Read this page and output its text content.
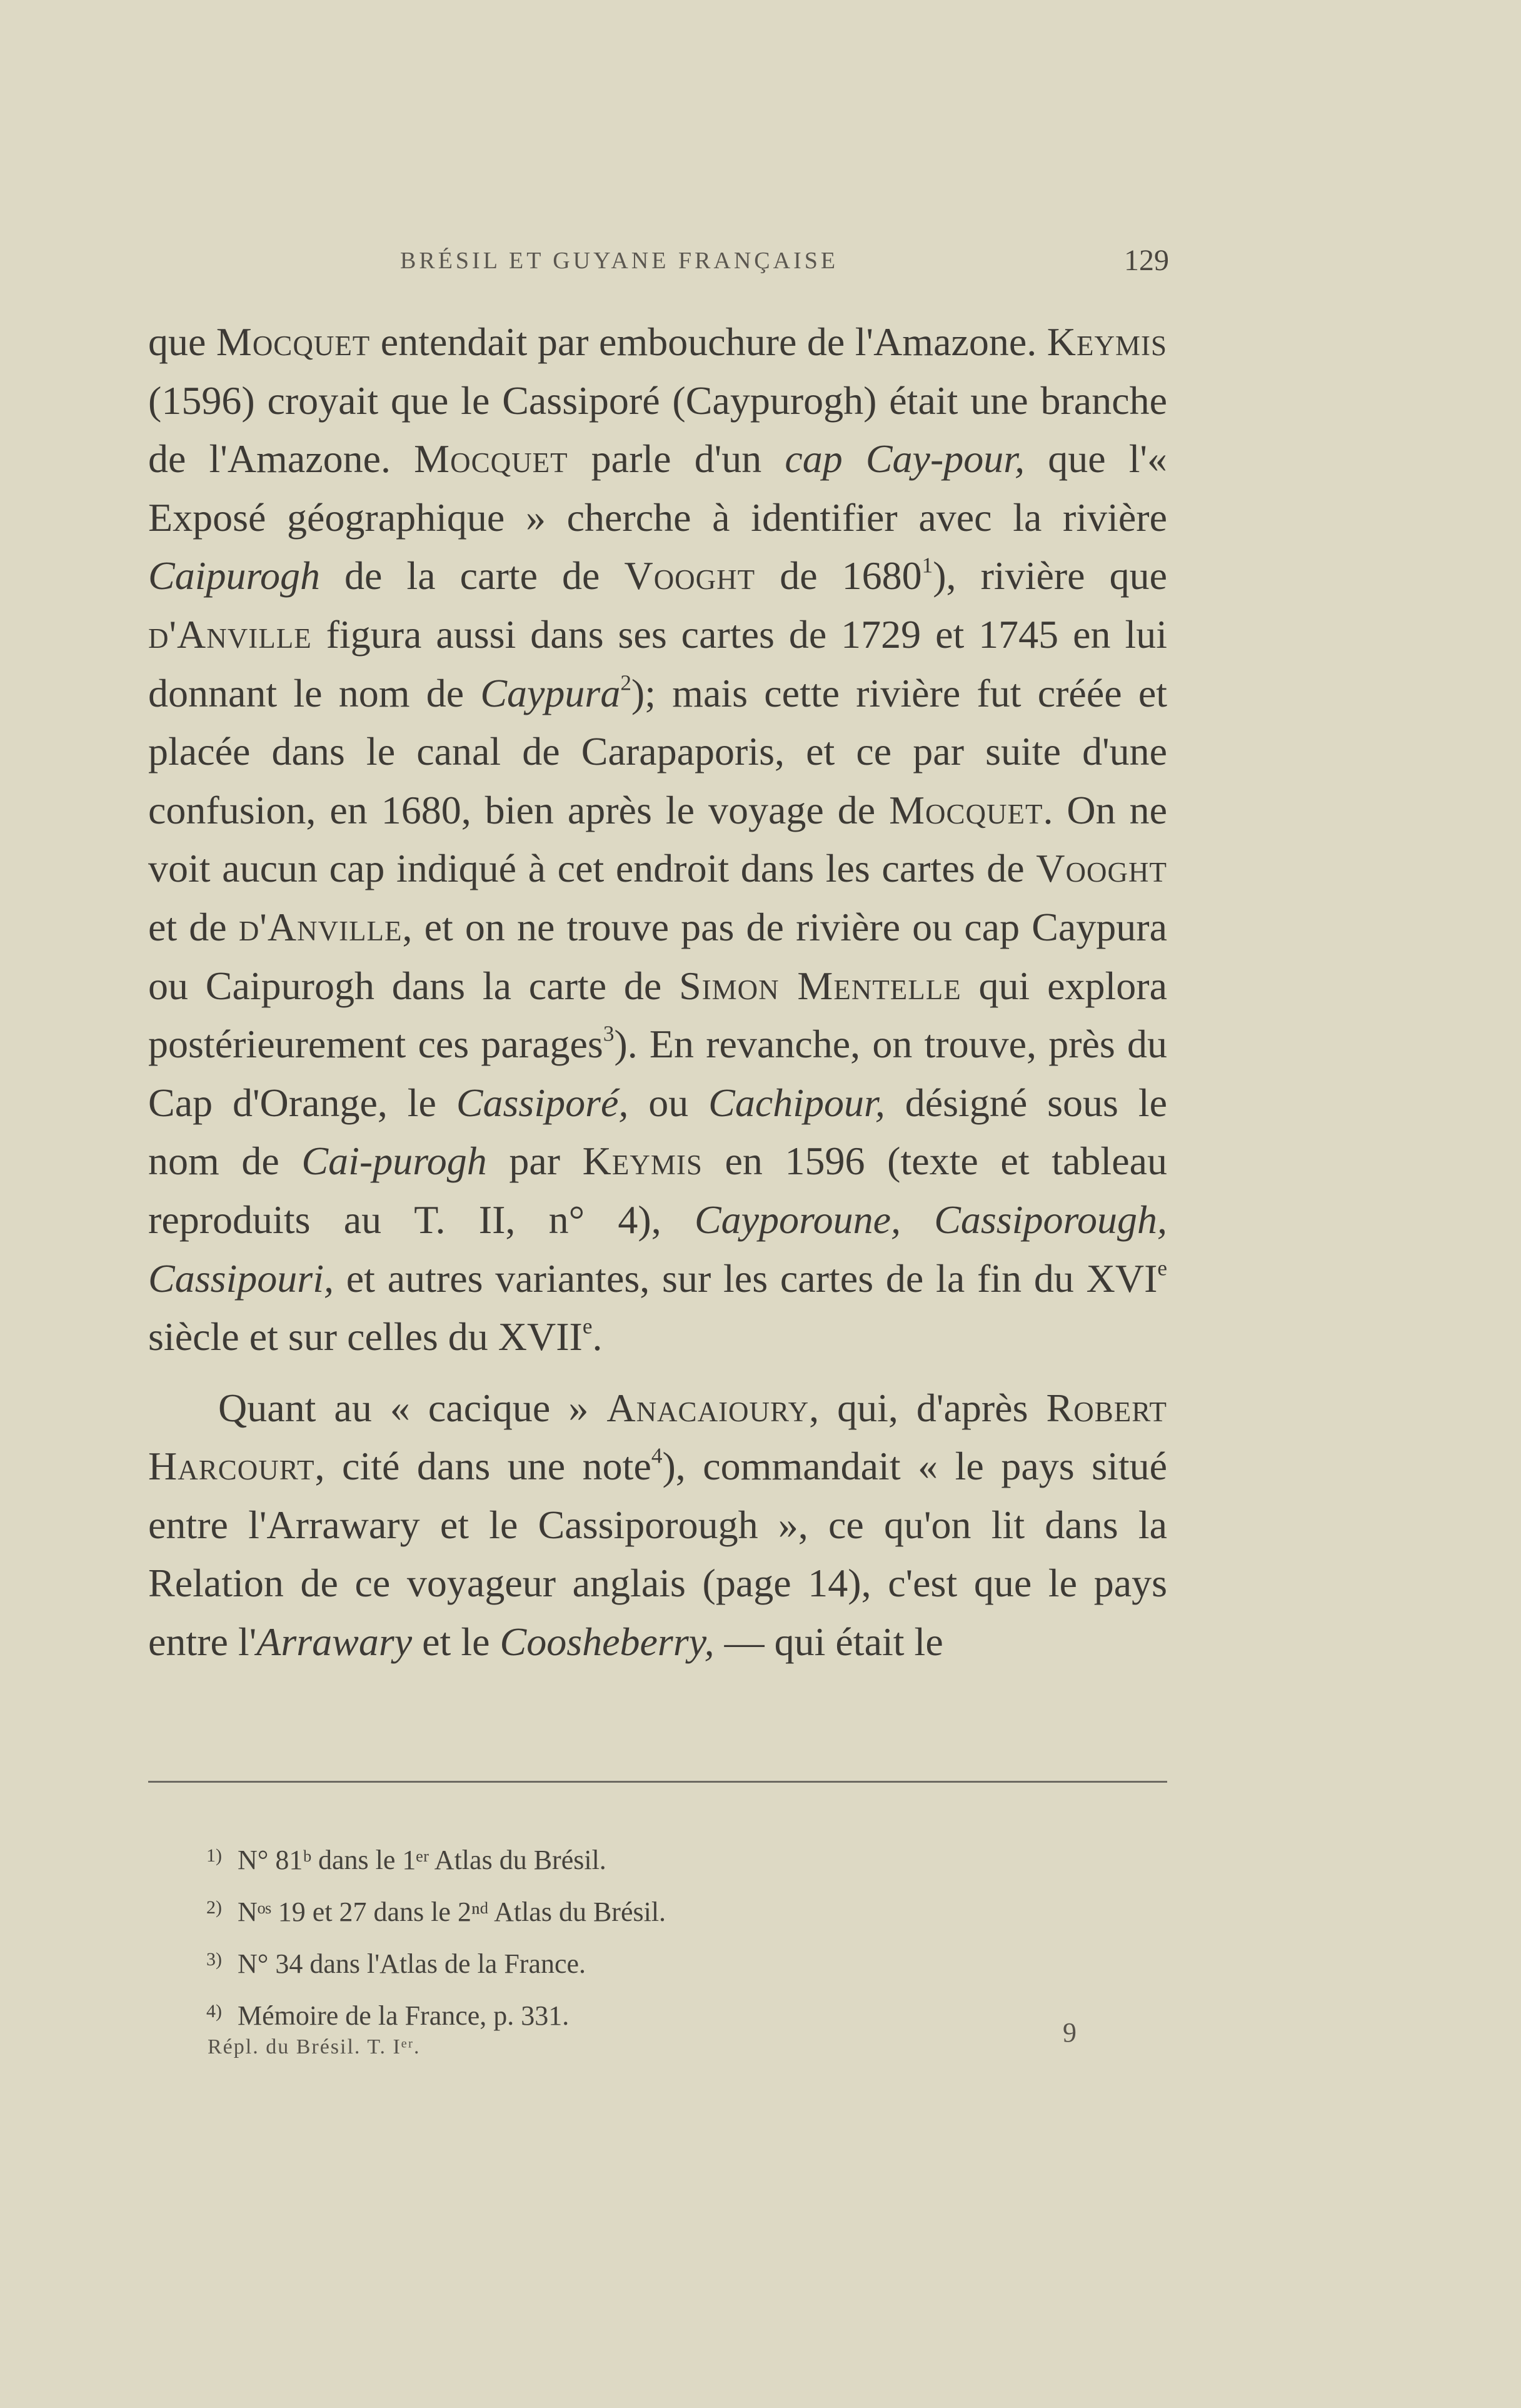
BRÉSIL ET GUYANE FRANÇAISE	129

que Mocquet entendait par embouchure de l'Amazone. Keymis (1596) croyait que le Cassiporé (Caypurogh) était une branche de l'Amazone. Mocquet parle d'un cap Cay-pour, que l'« Exposé géographique » cherche à identifier avec la rivière Caipurogh de la carte de Vooght de 1680$^1$), rivière que d'Anville figura aussi dans ses cartes de 1729 et 1745 en lui donnant le nom de Caypura$^2$); mais cette rivière fut créée et placée dans le canal de Carapaporis, et ce par suite d'une confusion, en 1680, bien après le voyage de Mocquet. On ne voit aucun cap indiqué à cet endroit dans les cartes de Vooght et de d'Anville, et on ne trouve pas de rivière ou cap Caypura ou Caipurogh dans la carte de Simon Mentelle qui explora postérieurement ces parages$^3$). En revanche, on trouve, près du Cap d'Orange, le Cassiporé, ou Cachipour, désigné sous le nom de Cai-purogh par Keymis en 1596 (texte et tableau reproduits au T. II, n° 4), Cayporoune, Cassiporough, Cassipouri, et autres variantes, sur les cartes de la fin du XVIe siècle et sur celles du XVIIe.

Quant au « cacique » Anacaioury, qui, d'après Robert Harcourt, cité dans une note$^4$), commandait « le pays situé entre l'Arrawary et le Cassiporough », ce qu'on lit dans la Relation de ce voyageur anglais (page 14), c'est que le pays entre l'Arrawary et le Coosheberry, — qui était le

1) N° 81ᵇ dans le 1ᵉʳ Atlas du Brésil.
2) Nᵒˢ 19 et 27 dans le 2ⁿᵈ Atlas du Brésil.
3) N° 34 dans l'Atlas de la France.
4) Mémoire de la France, p. 331.
Répl. du Brésil. T. Iᵉʳ.	9
